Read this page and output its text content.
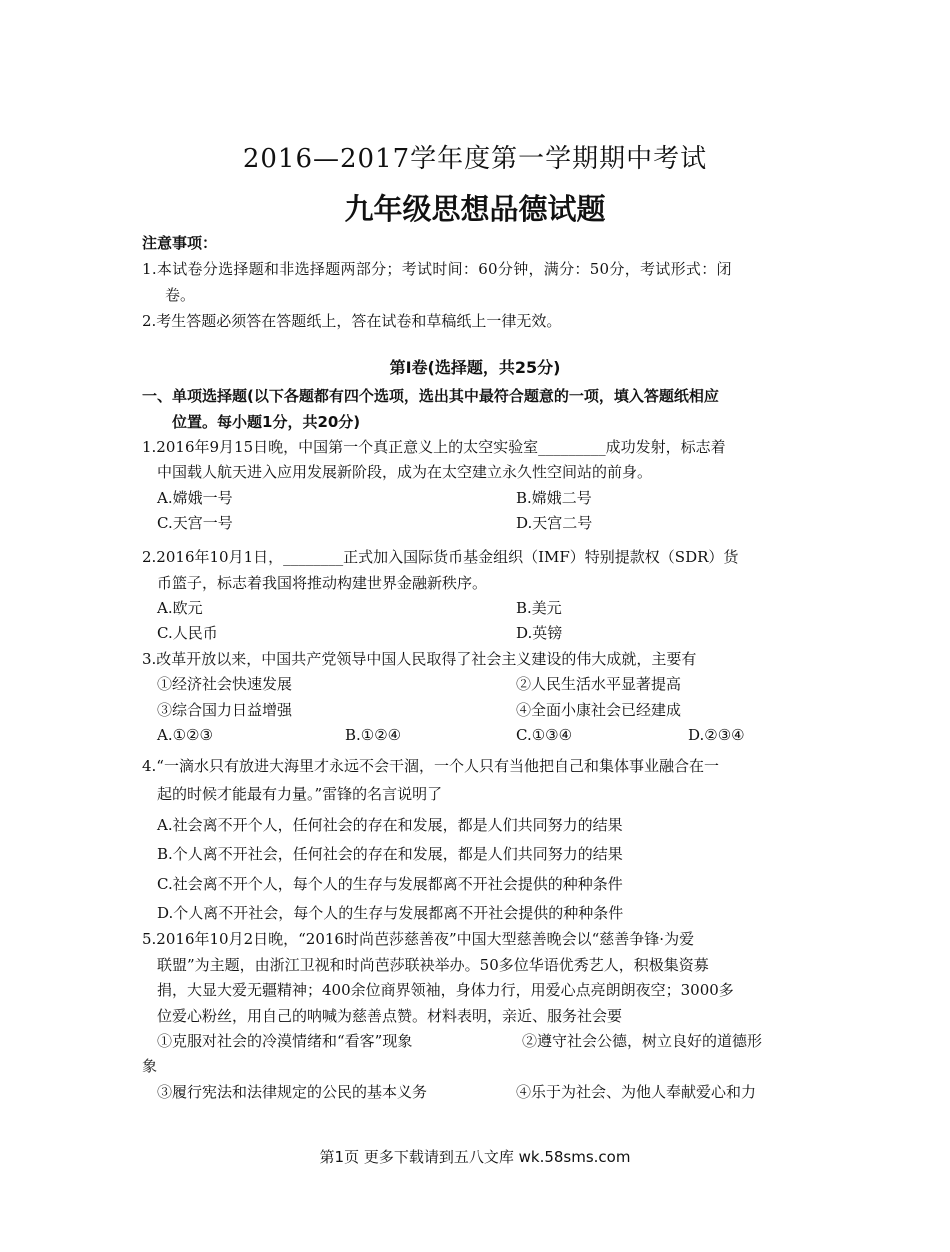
2016—2017学年度第一学期期中考试
九年级思想品德试题
注意事项：
1.本试卷分选择题和非选择题两部分；考试时间：60分钟，满分：50分，考试形式：闭
卷。
2.考生答题必须答在答题纸上，答在试卷和草稿纸上一律无效。
第Ⅰ卷(选择题，共25分)
一、单项选择题(以下各题都有四个选项，选出其中最符合题意的一项，填入答题纸相应
位置。每小题1分，共20分)
1.2016年9月15日晚，中国第一个真正意义上的太空实验室_________成功发射，标志着
中国载人航天进入应用发展新阶段，成为在太空建立永久性空间站的前身。
A.嫦娥一号	B.嫦娥二号
C.天宫一号	D.天宫二号
2.2016年10月1日，________正式加入国际货币基金组织（IMF）特别提款权（SDR）货
币篮子，标志着我国将推动构建世界金融新秩序。
A.欧元	B.美元
C.人民币	D.英镑
3.改革开放以来，中国共产党领导中国人民取得了社会主义建设的伟大成就，主要有
①经济社会快速发展	②人民生活水平显著提高
③综合国力日益增强	④全面小康社会已经建成
A.①②③	B.①②④	C.①③④	D.②③④
4.“一滴水只有放进大海里才永远不会干涸，一个人只有当他把自己和集体事业融合在一
起的时候才能最有力量。”雷锋的名言说明了
A.社会离不开个人，任何社会的存在和发展，都是人们共同努力的结果
B.个人离不开社会，任何社会的存在和发展，都是人们共同努力的结果
C.社会离不开个人，每个人的生存与发展都离不开社会提供的种种条件
D.个人离不开社会，每个人的生存与发展都离不开社会提供的种种条件
5.2016年10月2日晚，“2016时尚芭莎慈善夜”中国大型慈善晚会以“慈善争锋·为爱
联盟”为主题，由浙江卫视和时尚芭莎联袂举办。50多位华语优秀艺人，积极集资募
捐，大显大爱无疆精神；400余位商界领袖，身体力行，用爱心点亮朗朗夜空；3000多
位爱心粉丝，用自己的呐喊为慈善点赞。材料表明，亲近、服务社会要
①克服对社会的冷漠情绪和“看客”现象	②遵守社会公德，树立良好的道德形
象
③履行宪法和法律规定的公民的基本义务	④乐于为社会、为他人奉献爱心和力
第1页 更多下载请到五八文库 wk.58sms.com
